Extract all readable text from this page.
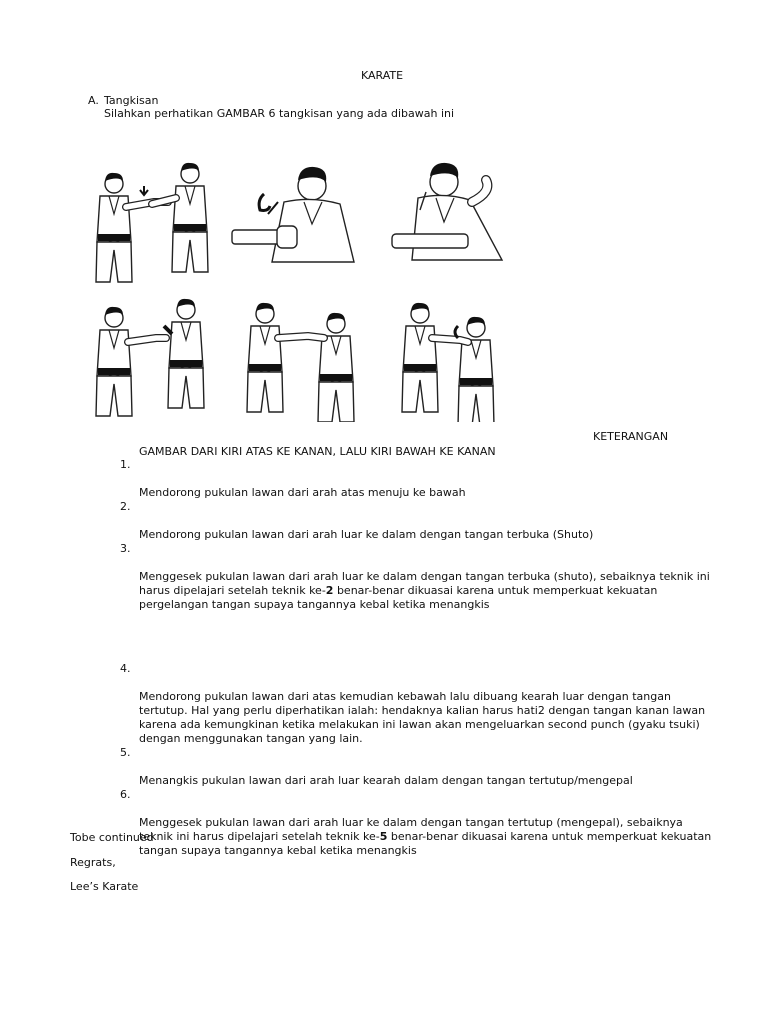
KARATE
A. Tangkisan
Silahkan perhatikan GAMBAR 6 tangkisan yang ada dibawah ini
KETERANGAN
GAMBAR DARI KIRI ATAS KE KANAN, LALU KIRI BAWAH KE KANAN

1.

Mendorong pukulan lawan dari arah atas menuju ke bawah

2.

Mendorong pukulan lawan dari arah luar ke dalam dengan tangan terbuka (Shuto)

3.

Menggesek pukulan lawan dari arah luar ke dalam dengan tangan terbuka (shuto), sebaiknya teknik ini
harus dipelajari setelah teknik ke-2 benar-benar dikuasai karena untuk memperkuat kekuatan
pergelangan tangan supaya tangannya kebal ketika menangkis

4.

Mendorong pukulan lawan dari atas kemudian kebawah lalu dibuang kearah luar dengan tangan
tertutup. Hal yang perlu diperhatikan ialah: hendaknya kalian harus hati2 dengan tangan kanan lawan
karena ada kemungkinan ketika melakukan ini lawan akan mengeluarkan second punch (gyaku tsuki)
dengan menggunakan tangan yang lain.

5.

Menangkis pukulan lawan dari arah luar kearah dalam dengan tangan tertutup/mengepal

6.

Menggesek pukulan lawan dari arah luar ke dalam dengan tangan tertutup (mengepal), sebaiknya
teknik ini harus dipelajari setelah teknik ke-5 benar-benar dikuasai karena untuk memperkuat kekuatan
tangan supaya tangannya kebal ketika menangkis

Tobe continued
Regrats,
Lee’s Karate
